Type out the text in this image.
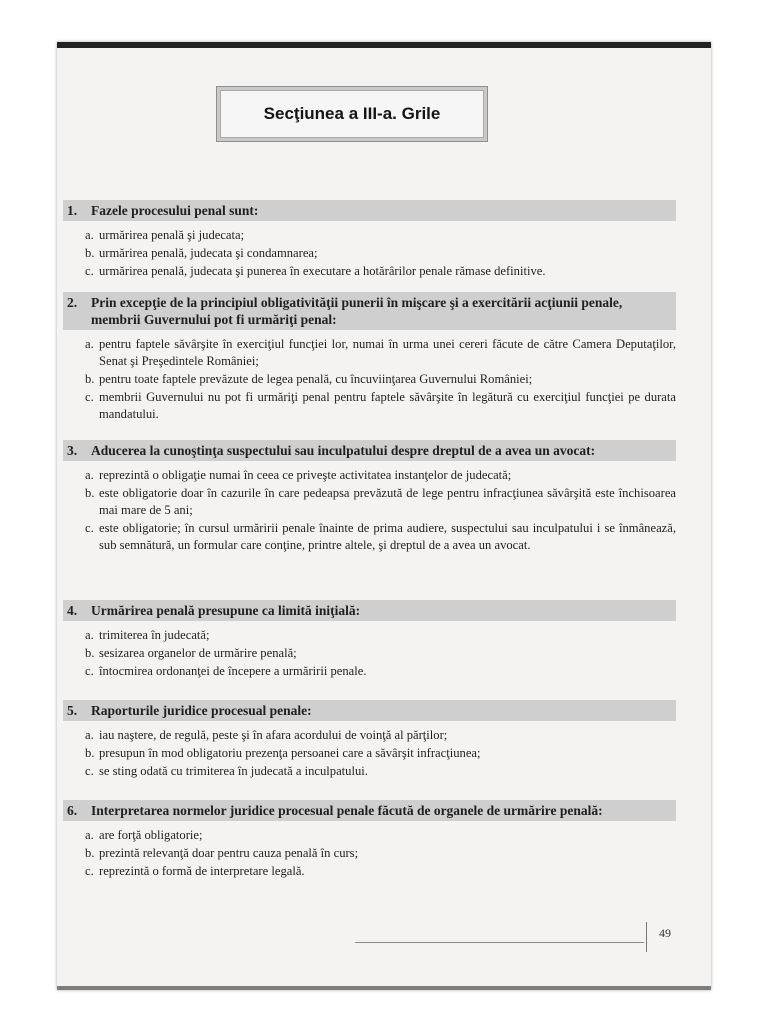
Secţiunea a III-a. Grile
1.	Fazele procesului penal sunt:
a. urmărirea penală şi judecata;
b. urmărirea penală, judecata şi condamnarea;
c. urmărirea penală, judecata şi punerea în executare a hotărârilor penale rămase definitive.
2.	Prin excepţie de la principiul obligativităţii punerii în mişcare şi a exercitării acţiunii penale, membrii Guvernului pot fi urmăriţi penal:
a. pentru faptele săvârşite în exerciţiul funcţiei lor, numai în urma unei cereri făcute de către Camera Deputaţilor, Senat şi Preşedintele României;
b. pentru toate faptele prevăzute de legea penală, cu încuviinţarea Guvernului României;
c. membrii Guvernului nu pot fi urmăriţi penal pentru faptele săvârşite în legătură cu exerciţiul funcţiei pe durata mandatului.
3.	Aducerea la cunoştinţa suspectului sau inculpatului despre dreptul de a avea un avocat:
a. reprezintă o obligaţie numai în ceea ce priveşte activitatea instanţelor de judecată;
b. este obligatorie doar în cazurile în care pedeapsa prevăzută de lege pentru infracţiunea săvârşită este închisoarea mai mare de 5 ani;
c. este obligatorie; în cursul urmăririi penale înainte de prima audiere, suspectului sau inculpatului i se înmânează, sub semnătură, un formular care conţine, printre altele, şi dreptul de a avea un avocat.
4.	Urmărirea penală presupune ca limită iniţială:
a. trimiterea în judecată;
b. sesizarea organelor de urmărire penală;
c. întocmirea ordonanţei de începere a urmăririi penale.
5.	Raporturile juridice procesual penale:
a. iau naştere, de regulă, peste şi în afara acordului de voinţă al părţilor;
b. presupun în mod obligatoriu prezenţa persoanei care a săvârşit infracţiunea;
c. se sting odată cu trimiterea în judecată a inculpatului.
6.	Interpretarea normelor juridice procesual penale făcută de organele de urmărire penală:
a. are forţă obligatorie;
b. prezintă relevanţă doar pentru cauza penală în curs;
c. reprezintă o formă de interpretare legală.
49
